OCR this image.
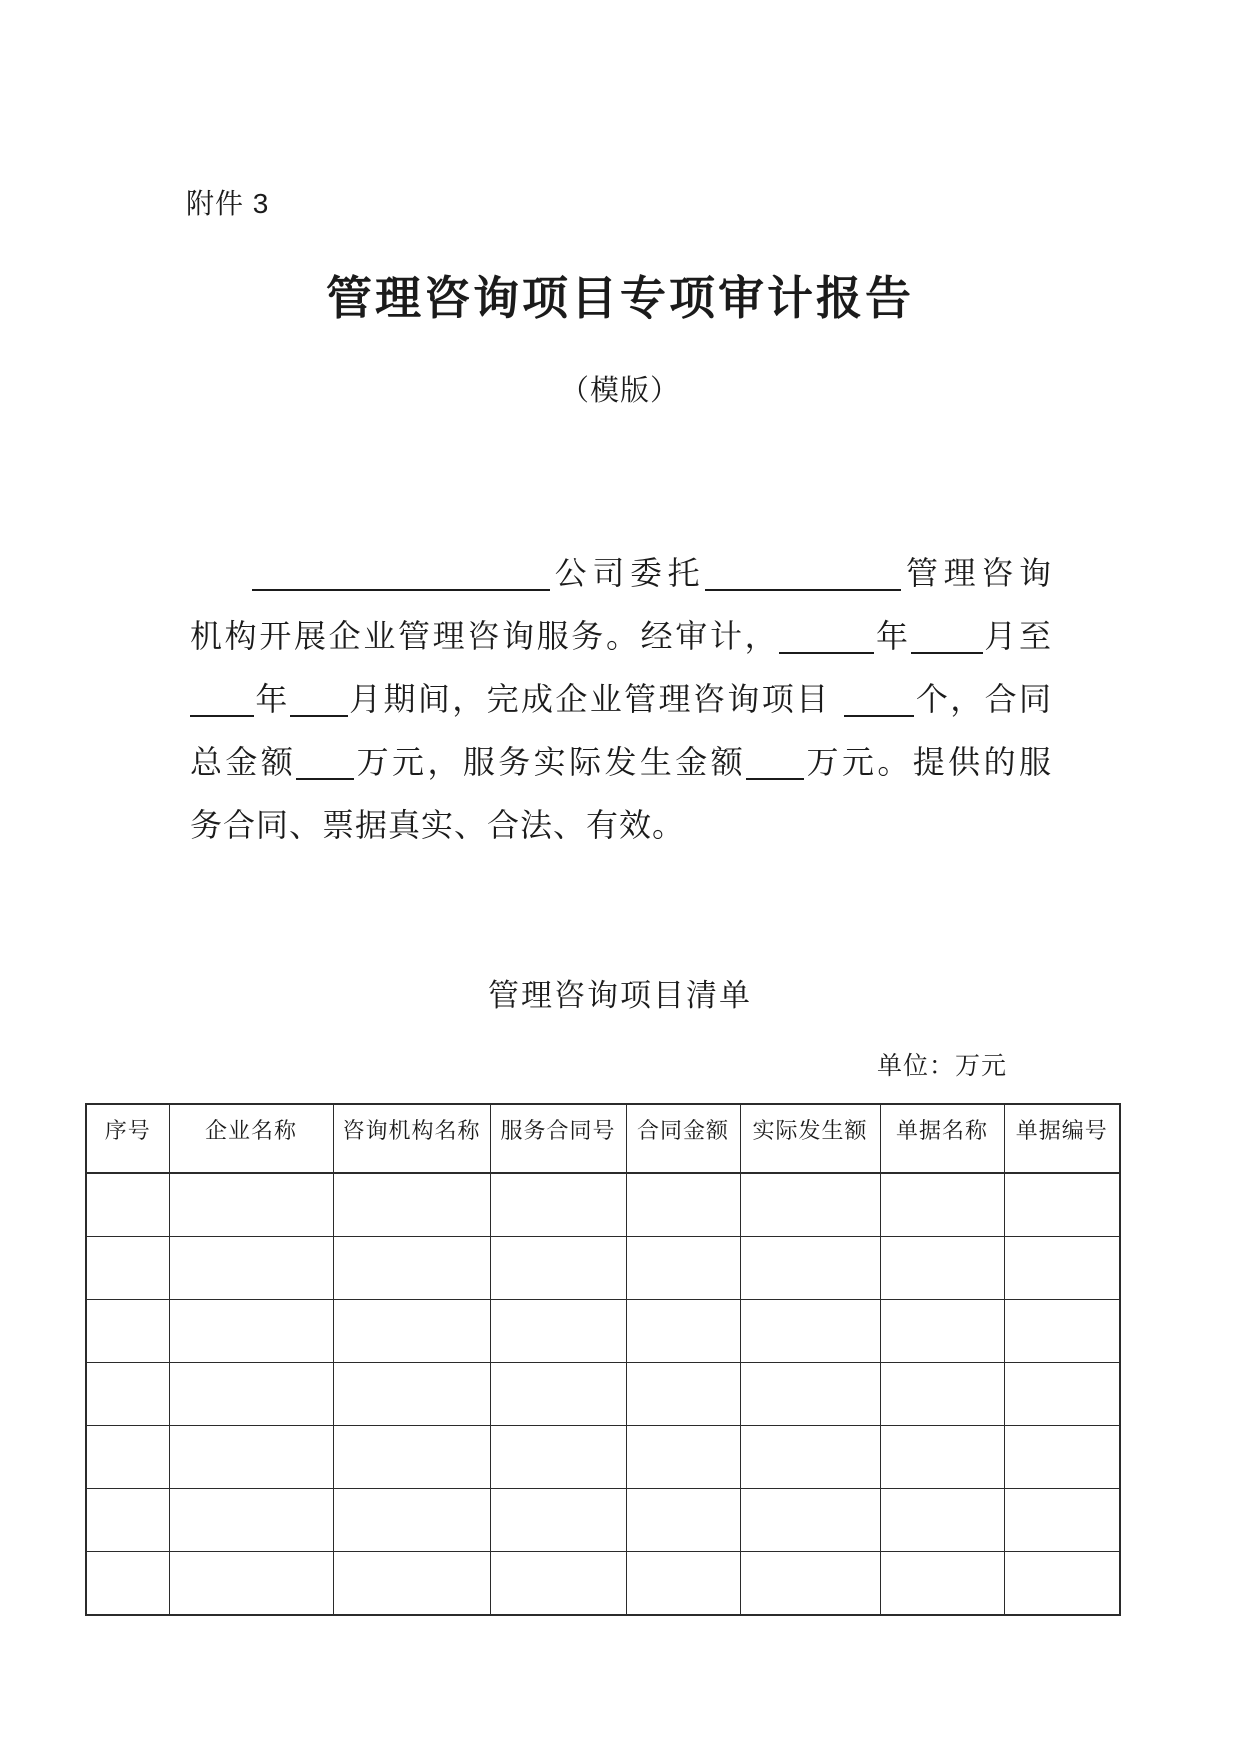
附件 3
管理咨询项目专项审计报告
（模版）
公司委托	管理咨询
机构开展企业管理咨询服务。经审计，	年 月至
年 月期间，完成企业管理咨询项目	个，合同
总金额 万元，服务实际发生金额 万元。提供的服
务合同、票据真实、合法、有效。
管理咨询项目清单
单位：万元
序号	企业名称	咨询机构名称	服务合同号	合同金额	实际发生额	单据名称	单据编号
